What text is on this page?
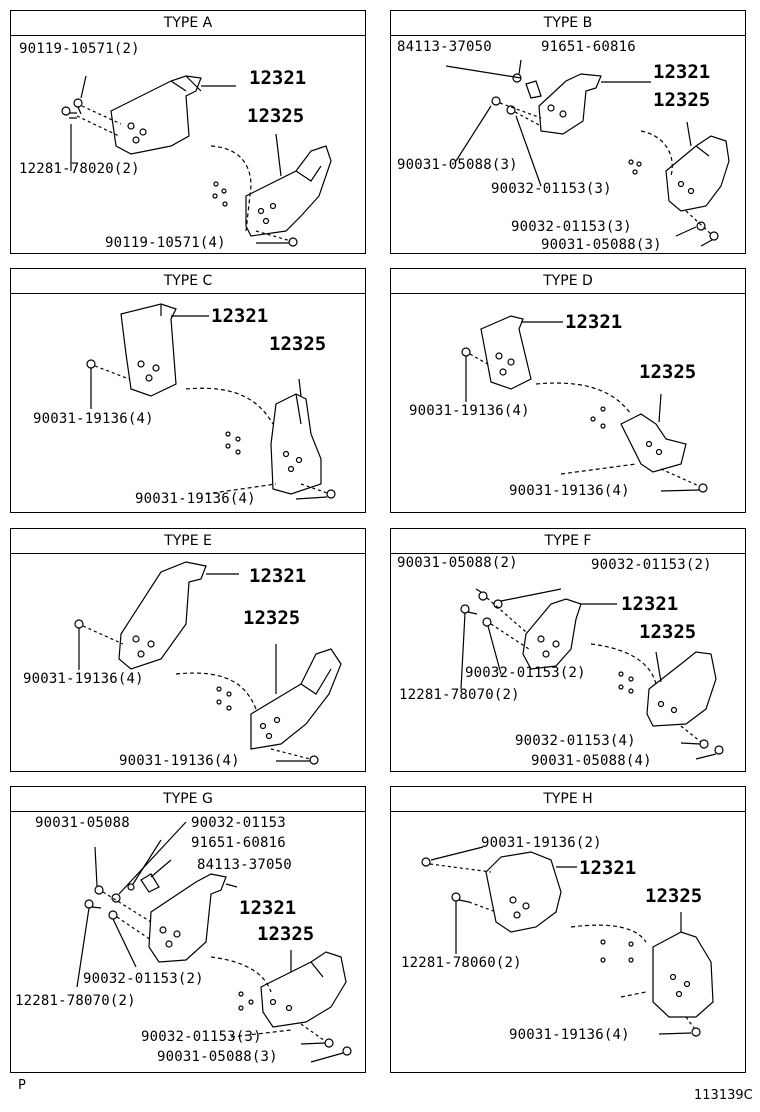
TYPE A
90119-10571(2)
12321
12325
12281-78020(2)
90119-10571(4)
TYPE B
84113-37050	91651-60816
12321
12325
90031-05088(3)
90032-01153(3)
90032-01153(3)
90031-05088(3)
TYPE C
12321
12325
90031-19136(4)
90031-19136(4)
TYPE D
12321
12325
90031-19136(4)
90031-19136(4)
TYPE E
12321
12325
90031-19136(4)
90031-19136(4)
TYPE F
90031-05088(2)	90032-01153(2)
12321
12325
90032-01153(2)
12281-78070(2)
90032-01153(4)
90031-05088(4)
TYPE G
90031-05088	90032-01153
91651-60816
84113-37050
12321
12325
90032-01153(2)
12281-78070(2)
90032-01153(3)
90031-05088(3)
TYPE H
90031-19136(2)
12321
12325
12281-78060(2)
90031-19136(4)
P
113139C
